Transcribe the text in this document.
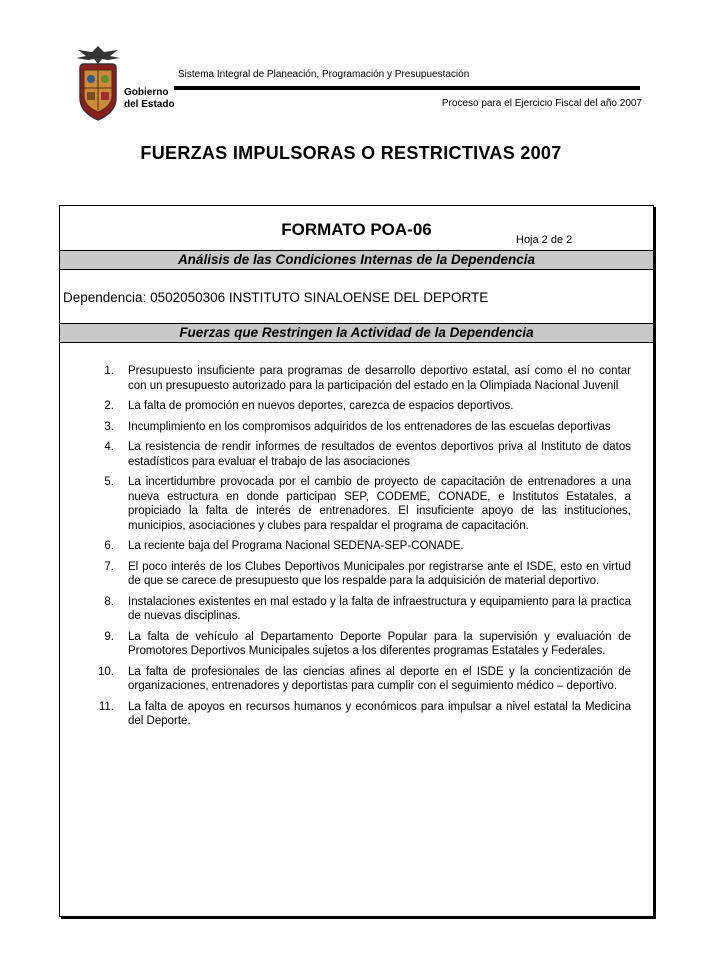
Gobierno del Estado
Sistema Integral de Planeación, Programación y Presupuestación
Proceso para el Ejercicio Fiscal del año 2007
FUERZAS IMPULSORAS O RESTRICTIVAS 2007
FORMATO POA-06
Hoja 2 de 2
Análisis de las Condiciones Internas de la Dependencia
Dependencia: 0502050306 INSTITUTO SINALOENSE DEL DEPORTE
Fuerzas que Restringen la Actividad de la Dependencia
1. Presupuesto insuficiente para programas de desarrollo deportivo estatal, así como el no contar con un presupuesto autorizado para la participación del estado en la Olimpiada Nacional Juvenil
2. La falta de promoción en nuevos deportes, carezca de espacios deportivos.
3. Incumplimiento en los compromisos adquiridos de los entrenadores de las escuelas deportivas
4. La resistencia de rendir informes de resultados de eventos deportivos priva al Instituto de datos estadísticos para evaluar el trabajo de las asociaciones
5. La incertidumbre provocada por el cambio de proyecto de capacitación de entrenadores a una nueva estructura en donde participan SEP, CODEME, CONADE, e Institutos Estatales, a propiciado la falta de interés de entrenadores. El insuficiente apoyo de las instituciones, municipios, asociaciones y clubes para respaldar el programa de capacitación.
6. La reciente baja del Programa Nacional SEDENA-SEP-CONADE.
7. El poco interés de los Clubes Deportivos Municipales por registrarse ante el ISDE, esto en virtud de que se carece de presupuesto que los respalde para la adquisición de material deportivo.
8. Instalaciones existentes en mal estado y la falta de infraestructura y equipamiento para la practica de nuevas disciplinas.
9. La falta de vehículo al Departamento Deporte Popular para la supervisión y evaluación de Promotores Deportivos Municipales sujetos a los diferentes programas Estatales y Federales.
10. La falta de profesionales de las ciencias afines al deporte en el ISDE y la concientización de organizaciones, entrenadores y deportistas para cumplir con el seguimiento médico – deportivo.
11. La falta de apoyos en recursos humanos y económicos para impulsar a nivel estatal la Medicina del Deporte.
